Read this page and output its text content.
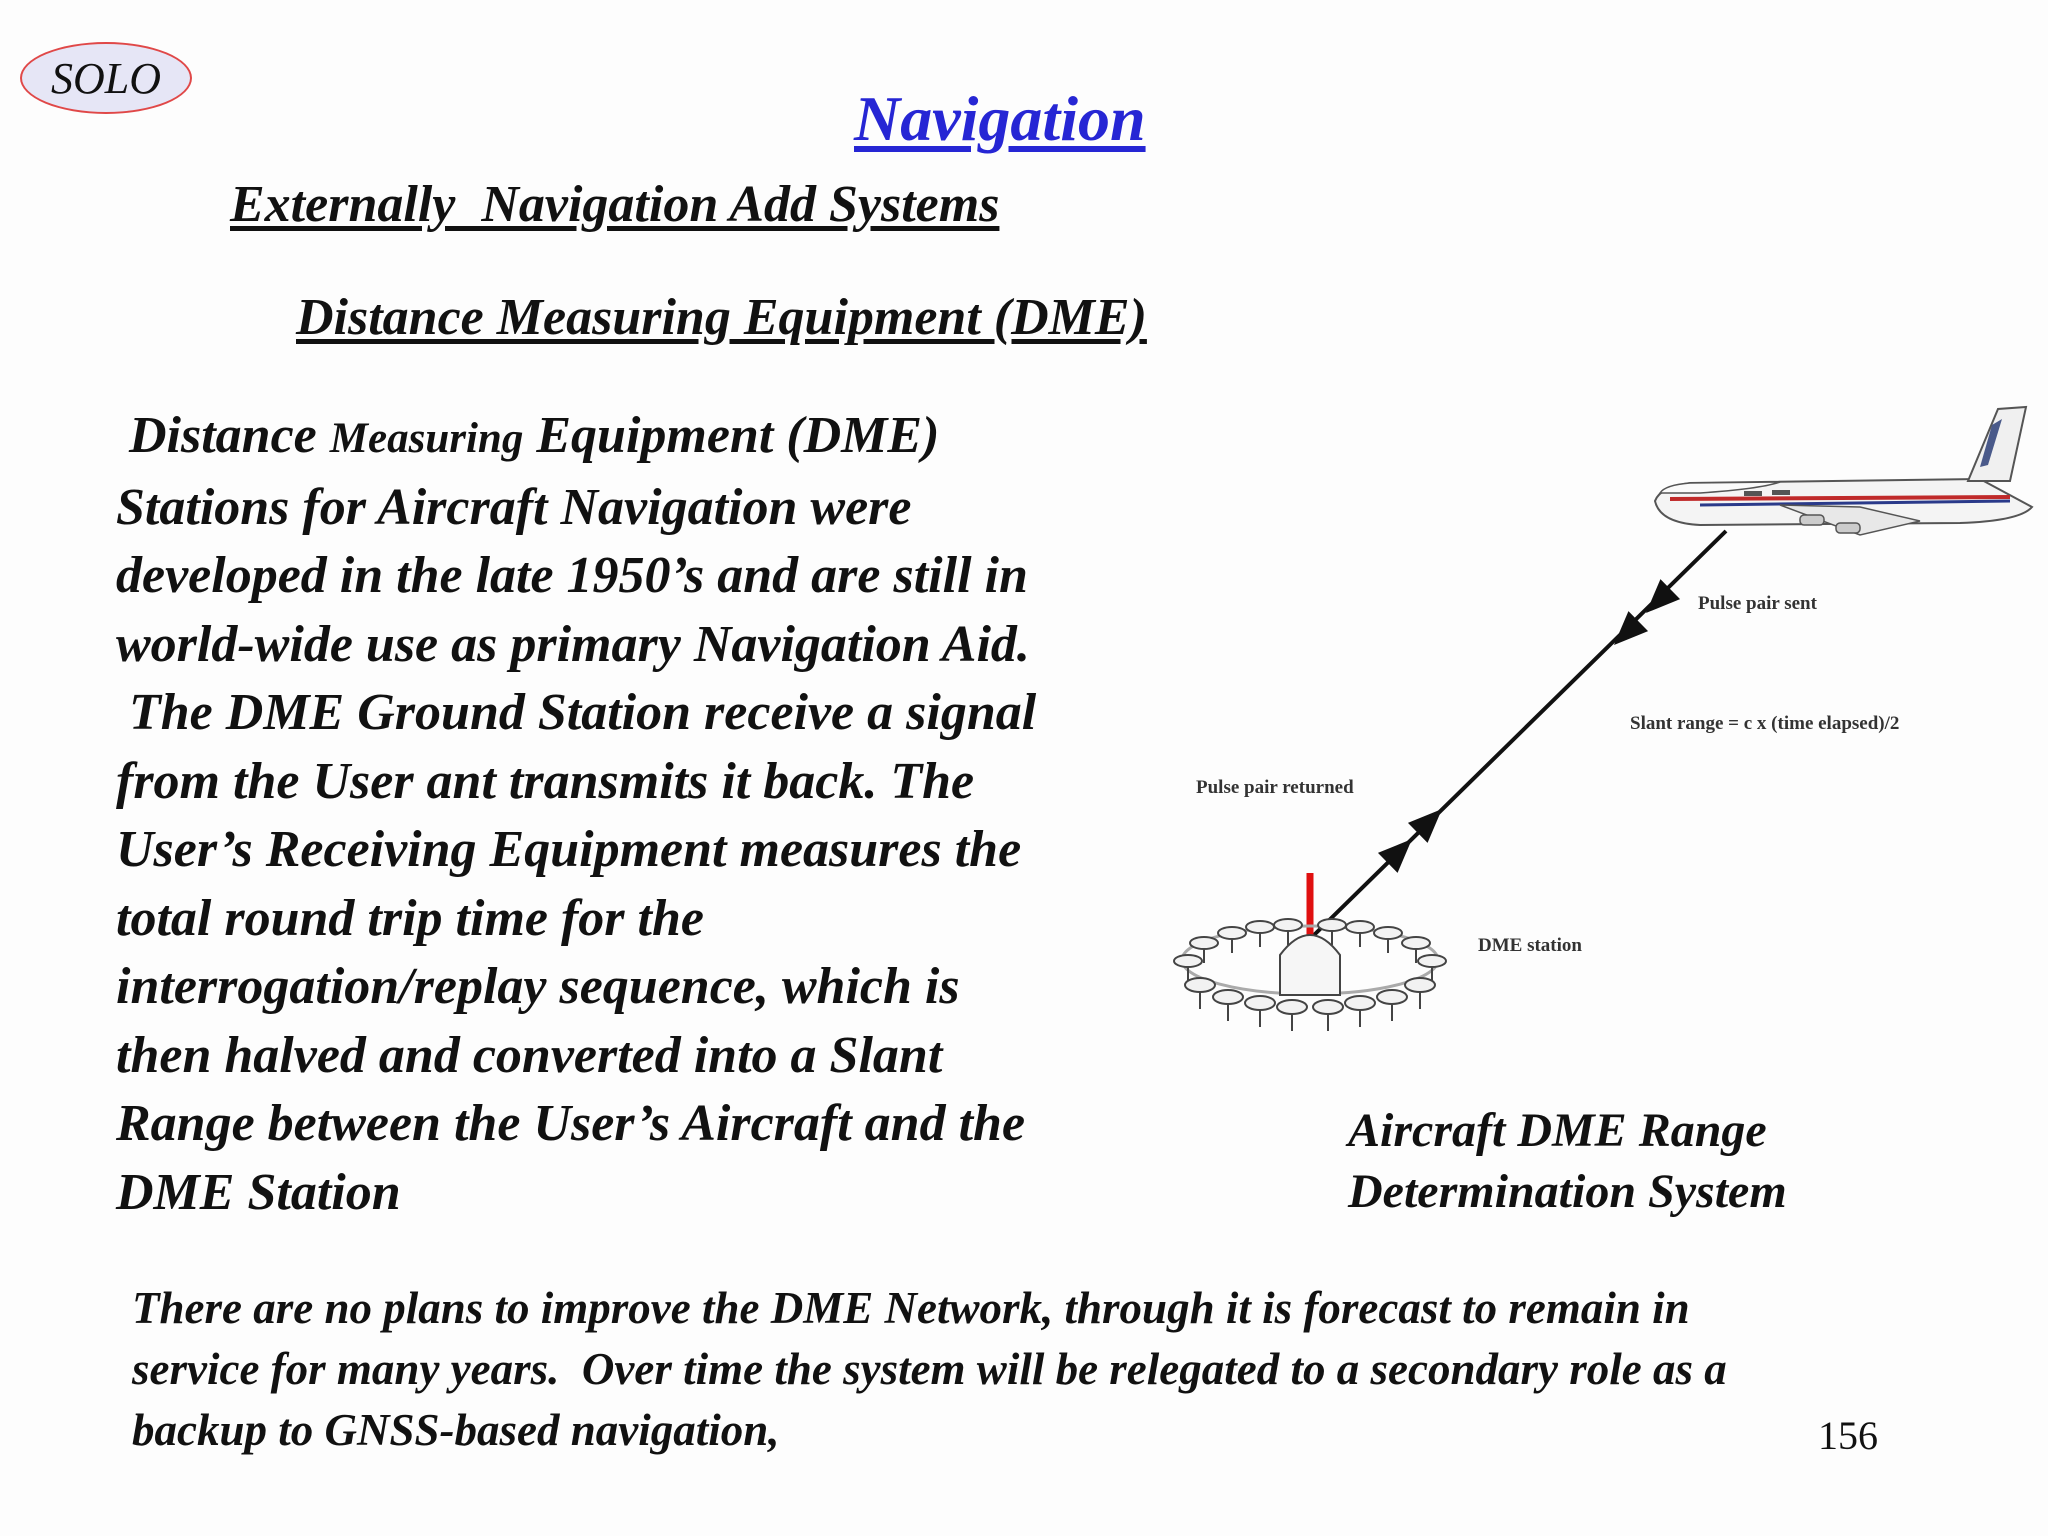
SOLO
Navigation
Externally  Navigation Add Systems
Distance Measuring Equipment (DME)
Distance Measuring Equipment (DME)
Stations for Aircraft Navigation were
developed in the late 1950’s and are still in
world-wide use as primary Navigation Aid.
The DME Ground Station receive a signal
from the User ant transmits it back. The
User’s Receiving Equipment measures the
total round trip time for the
interrogation/replay sequence, which is
then halved and converted into a Slant
Range between the User’s Aircraft and the
DME Station
Pulse pair sent
Slant range = c x (time elapsed)/2
Pulse pair returned
DME station
Aircraft DME Range
Determination System
There are no plans to improve the DME Network, through it is forecast to remain in
service for many years.  Over time the system will be relegated to a secondary role as a
backup to GNSS-based navigation,	156
